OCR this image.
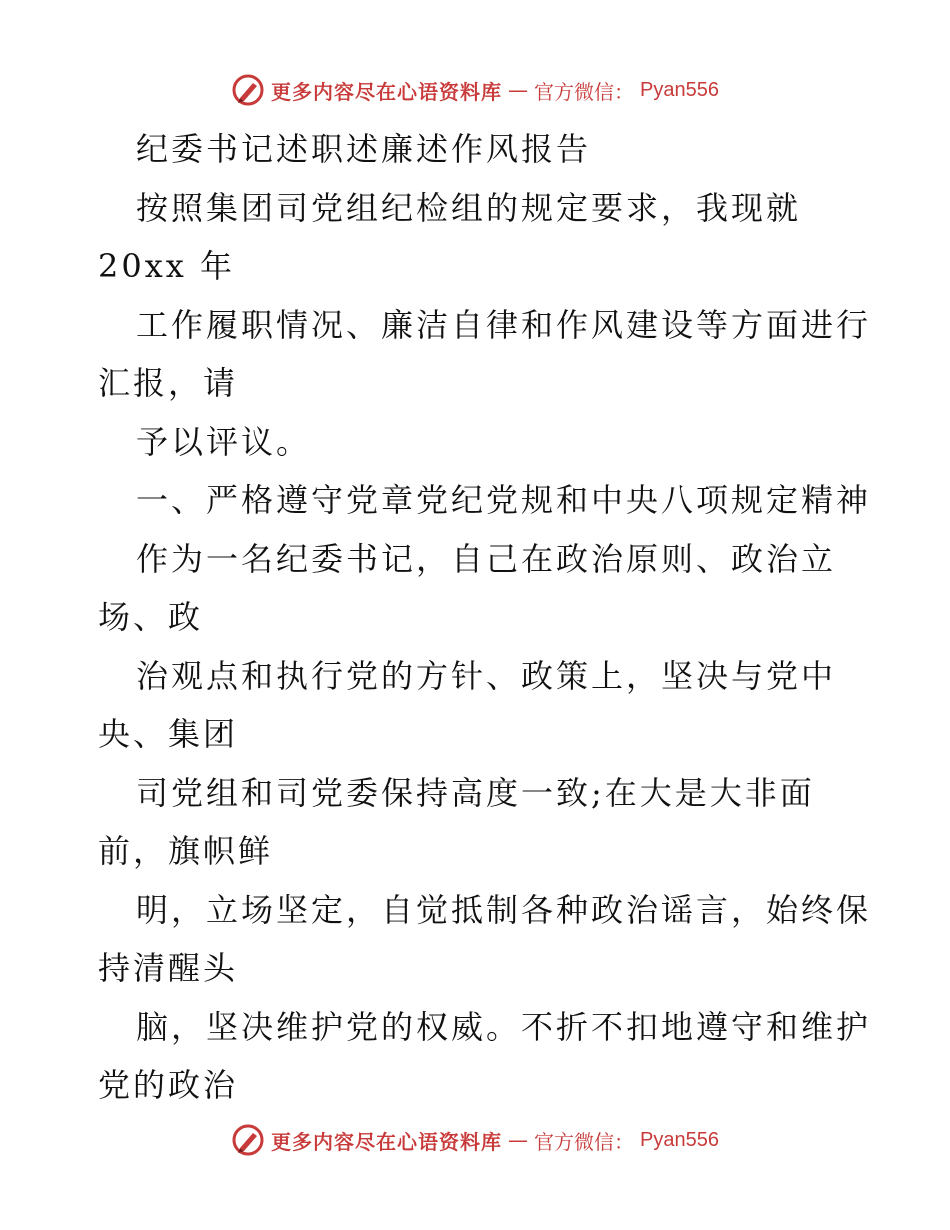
更多内容尽在心语资料库 — 官方微信： Pyan556
纪委书记述职述廉述作风报告
按照集团司党组纪检组的规定要求，我现就
20xx 年
工作履职情况、廉洁自律和作风建设等方面进行
汇报，请
予以评议。
一、严格遵守党章党纪党规和中央八项规定精神
作为一名纪委书记，自己在政治原则、政治立
场、政
治观点和执行党的方针、政策上，坚决与党中
央、集团
司党组和司党委保持高度一致;在大是大非面
前，旗帜鲜
明，立场坚定，自觉抵制各种政治谣言，始终保
持清醒头
脑，坚决维护党的权威。不折不扣地遵守和维护
党的政治
更多内容尽在心语资料库 — 官方微信： Pyan556
